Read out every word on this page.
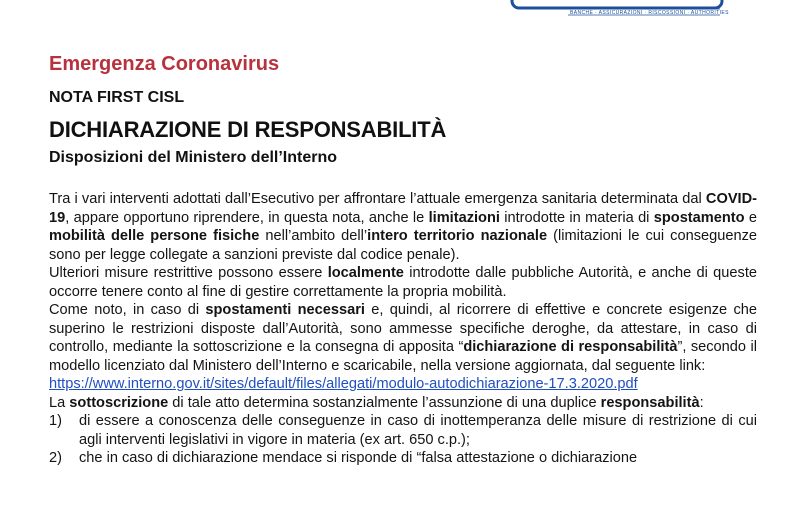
BANCHE · ASSICURAZIONI · RISCOSSIONI · AUTHORITIES
Emergenza Coronavirus
NOTA FIRST CISL
DICHIARAZIONE DI RESPONSABILITÀ
Disposizioni del Ministero dell’Interno

Tra i vari interventi adottati dall’Esecutivo per affrontare l’attuale emergenza sanitaria determinata dal COVID-19, appare opportuno riprendere, in questa nota, anche le limitazioni introdotte in materia di spostamento e mobilità delle persone fisiche nell’ambito dell’intero territorio nazionale (limitazioni le cui conseguenze sono per legge collegate a sanzioni previste dal codice penale).

Ulteriori misure restrittive possono essere localmente introdotte dalle pubbliche Autorità, e anche di queste occorre tenere conto al fine di gestire correttamente la propria mobilità.

Come noto, in caso di spostamenti necessari e, quindi, al ricorrere di effettive e concrete esigenze che superino le restrizioni disposte dall’Autorità, sono ammesse specifiche deroghe, da attestare, in caso di controllo, mediante la sottoscrizione e la consegna di apposita “dichiarazione di responsabilità”, secondo il modello licenziato dal Ministero dell’Interno e scaricabile, nella versione aggiornata, dal seguente link:
https://www.interno.gov.it/sites/default/files/allegati/modulo-autodichiarazione-17.3.2020.pdf

La sottoscrizione di tale atto determina sostanzialmente l’assunzione di una duplice responsabilità:

1) di essere a conoscenza delle conseguenze in caso di inottemperanza delle misure di restrizione di cui agli interventi legislativi in vigore in materia (ex art. 650 c.p.);
2) che in caso di dichiarazione mendace si risponde di “falsa attestazione o dichiarazione
